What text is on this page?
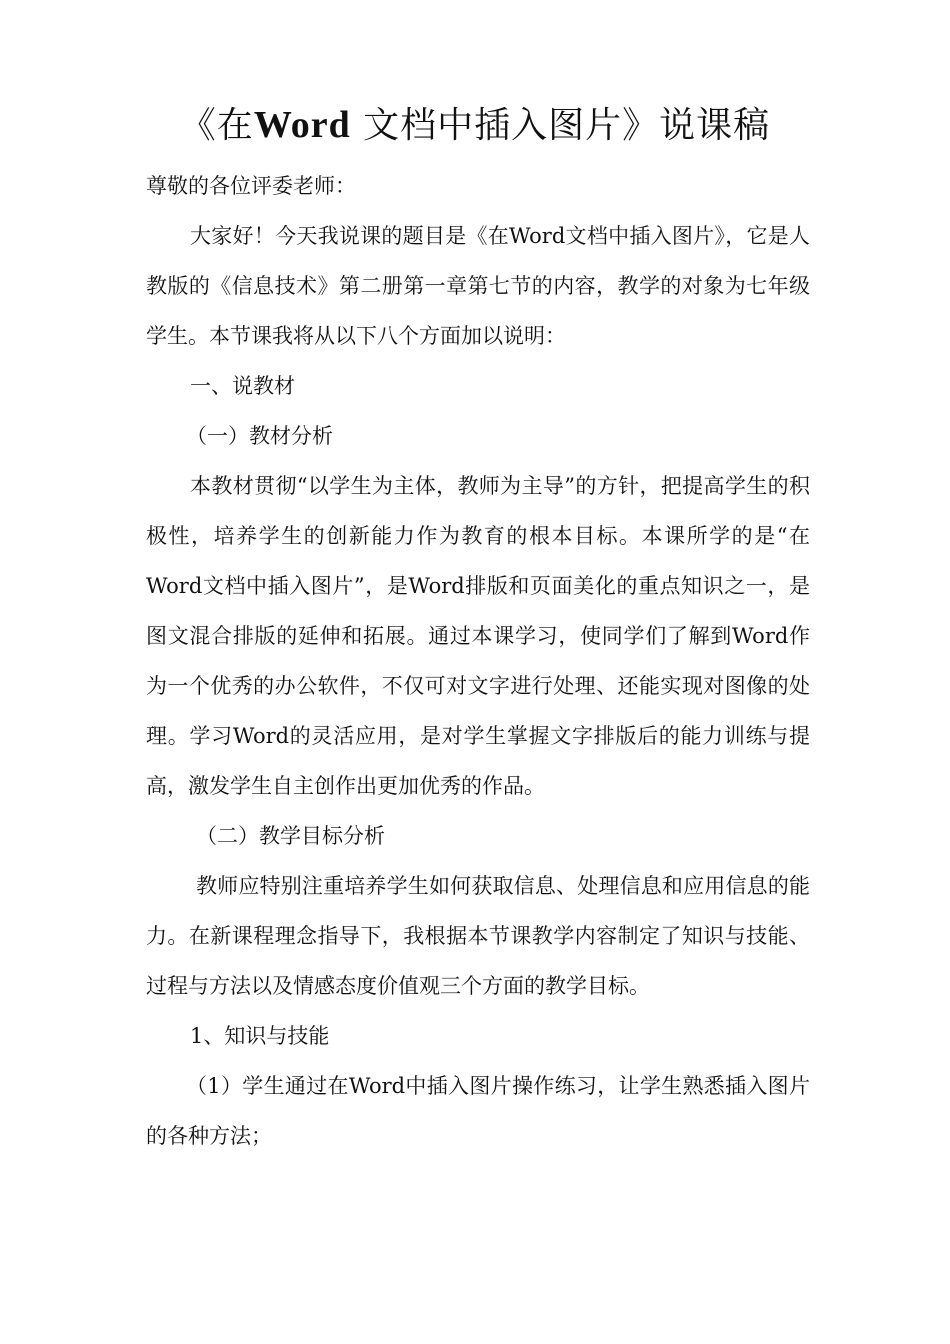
《在Word 文档中插入图片》说课稿

尊敬的各位评委老师：

大家好！今天我说课的题目是《在Word文档中插入图片》，它是人教版的《信息技术》第二册第一章第七节的内容，教学的对象为七年级学生。本节课我将从以下八个方面加以说明：

一、说教材

（一）教材分析

本教材贯彻“以学生为主体，教师为主导”的方针，把提高学生的积极性，培养学生的创新能力作为教育的根本目标。本课所学的是“在Word文档中插入图片”，是Word排版和页面美化的重点知识之一，是图文混合排版的延伸和拓展。通过本课学习，使同学们了解到Word作为一个优秀的办公软件，不仅可对文字进行处理、还能实现对图像的处理。学习Word的灵活应用，是对学生掌握文字排版后的能力训练与提高，激发学生自主创作出更加优秀的作品。

（二）教学目标分析

教师应特别注重培养学生如何获取信息、处理信息和应用信息的能力。在新课程理念指导下，我根据本节课教学内容制定了知识与技能、过程与方法以及情感态度价值观三个方面的教学目标。

1、知识与技能

（1）学生通过在Word中插入图片操作练习，让学生熟悉插入图片的各种方法；
